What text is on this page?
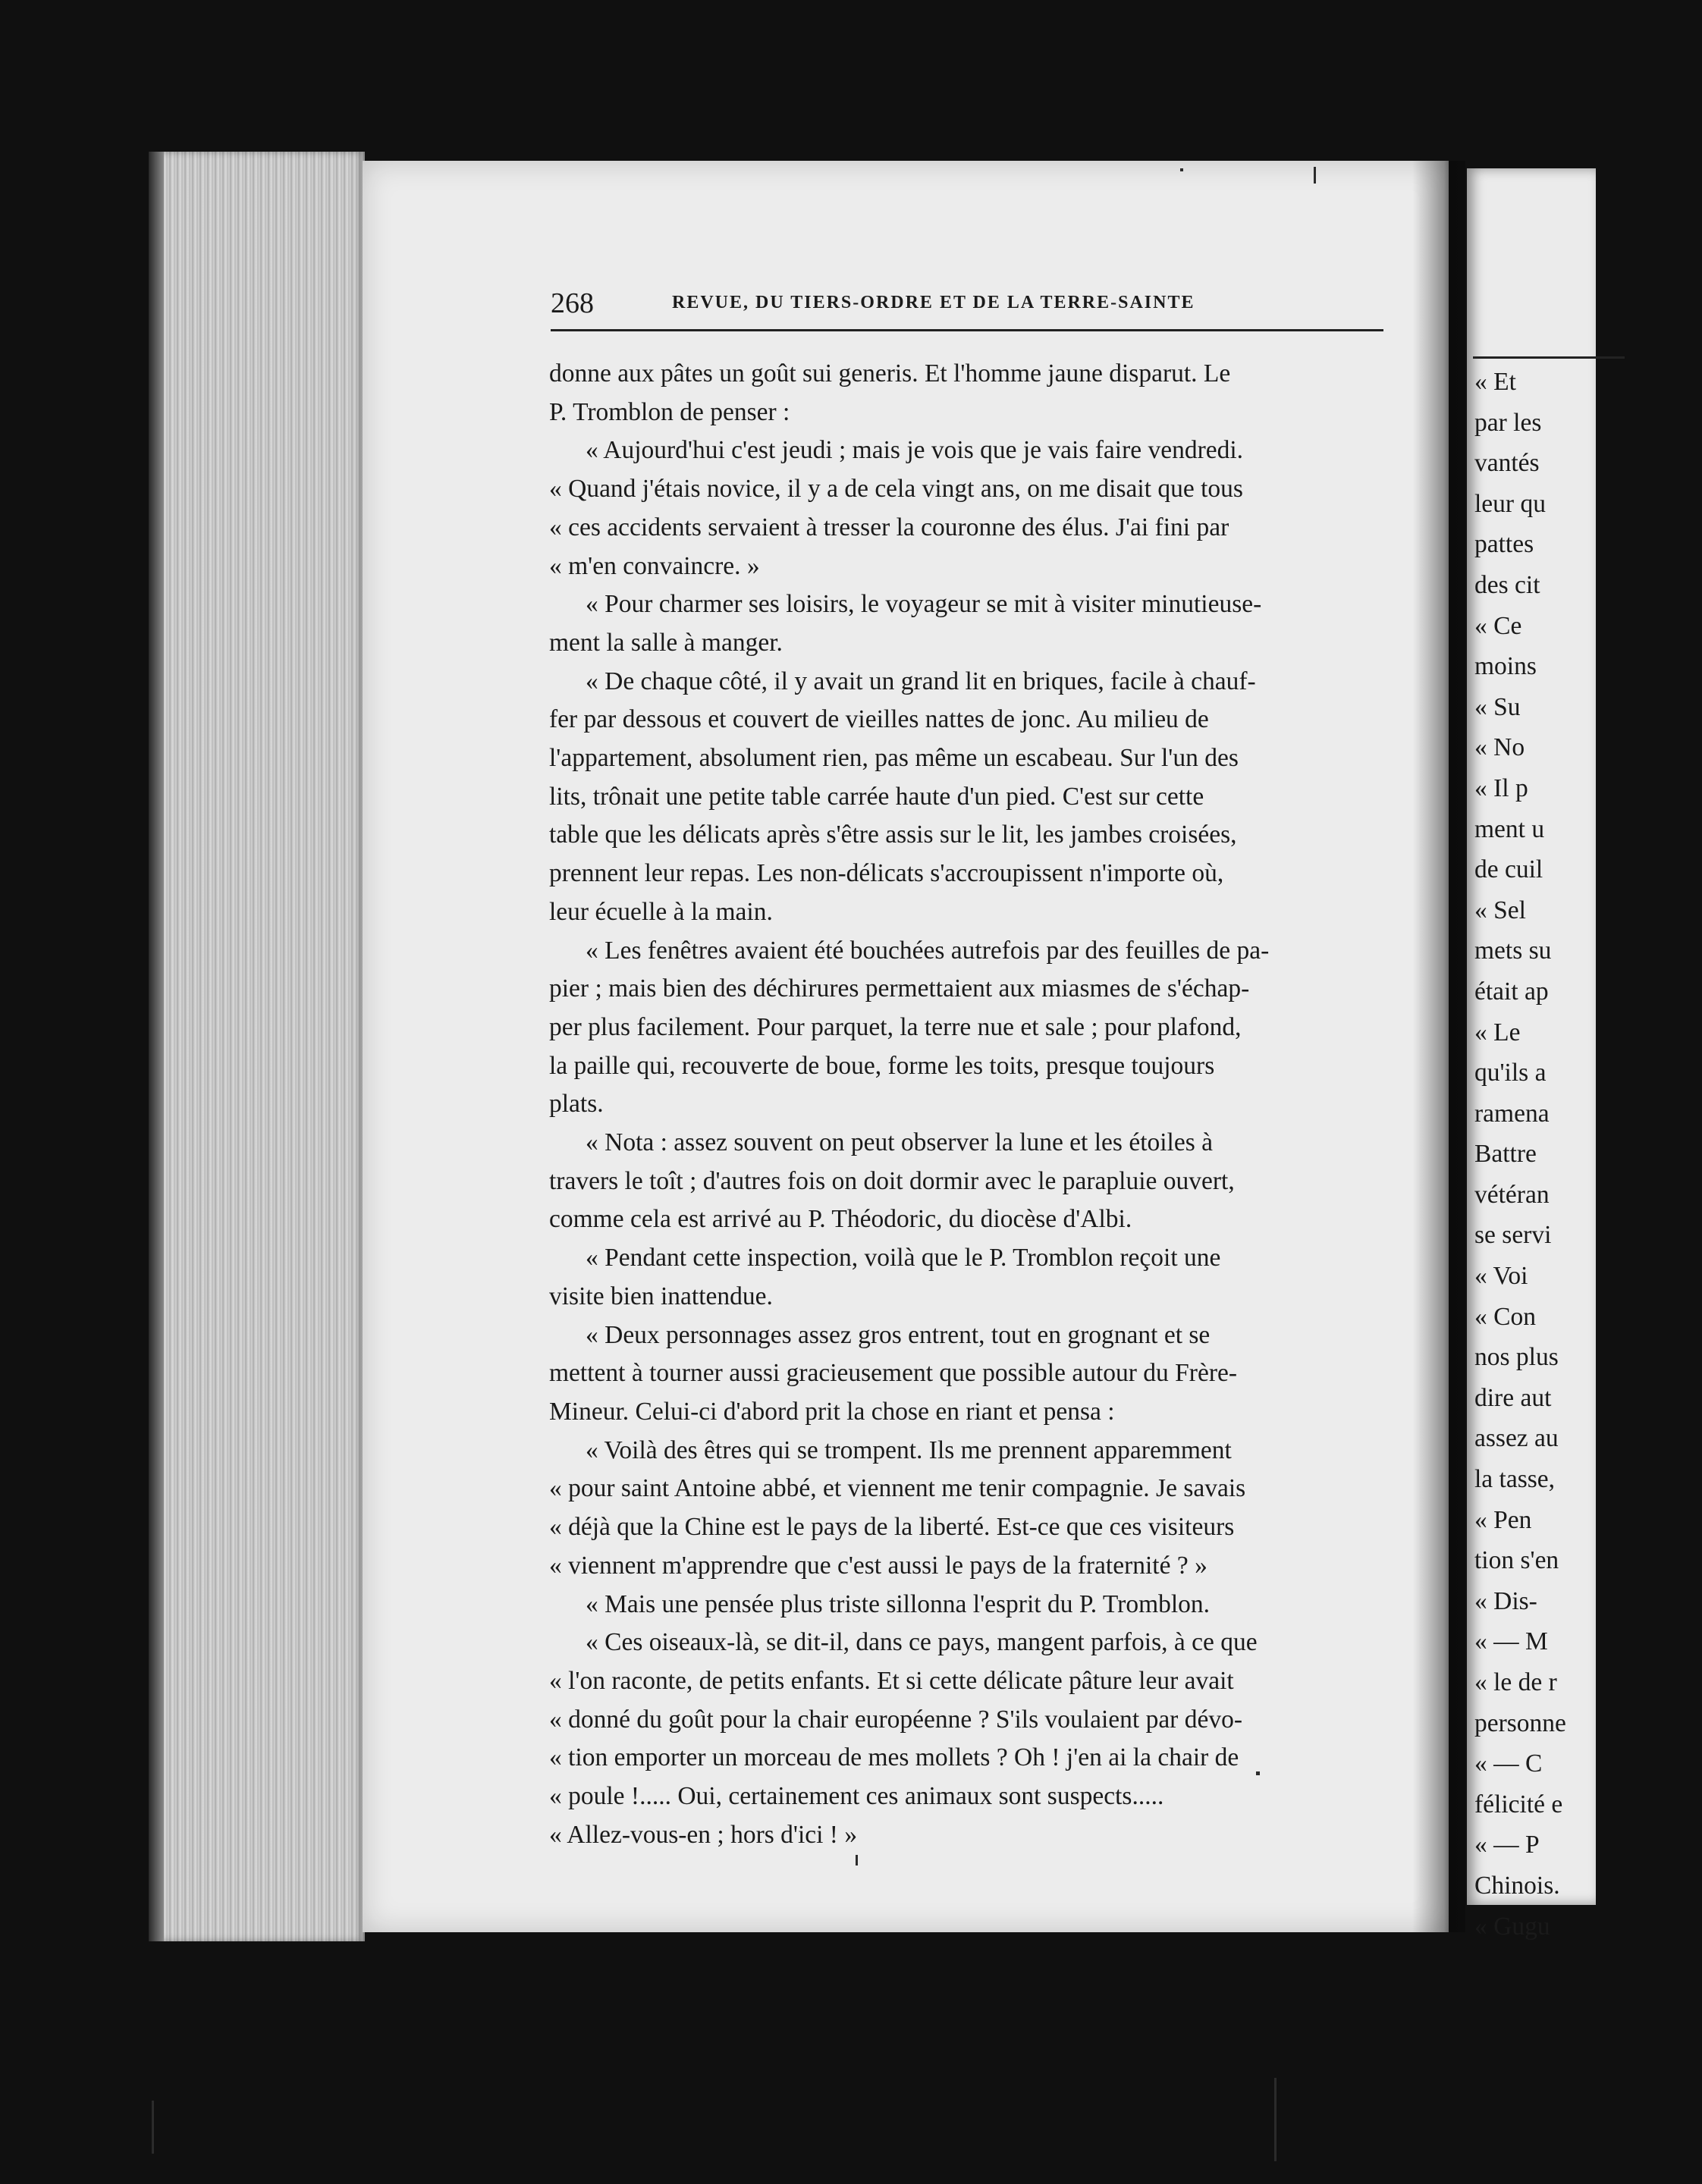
« Et
par les
vantés
leur qu
pattes
des cit
« Ce
moins
« Su
« No
« Il p
ment u
de cuil
« Sel
mets su
était ap
« Le
qu'ils a
ramena
Battre
vétéran
se servi
« Voi
« Con
nos plus
dire aut
assez au
la tasse,
« Pen
tion s'en
« Dis-
« — M
« le de r
personne
« — C
félicité e
« — P
Chinois.
« Gugu
268	REVUE, DU TIERS-ORDRE ET DE LA TERRE-SAINTE

donne aux pâtes un goût sui generis. Et l'homme jaune disparut. Le

P. Tromblon de penser :

« Aujourd'hui c'est jeudi ; mais je vois que je vais faire vendredi.

« Quand j'étais novice, il y a de cela vingt ans, on me disait que tous

« ces accidents servaient à tresser la couronne des élus. J'ai fini par

« m'en convaincre. »

« Pour charmer ses loisirs, le voyageur se mit à visiter minutieuse-

ment la salle à manger.

« De chaque côté, il y avait un grand lit en briques, facile à chauf-

fer par dessous et couvert de vieilles nattes de jonc. Au milieu de

l'appartement, absolument rien, pas même un escabeau. Sur l'un des

lits, trônait une petite table carrée haute d'un pied. C'est sur cette

table que les délicats après s'être assis sur le lit, les jambes croisées,

prennent leur repas. Les non-délicats s'accroupissent n'importe où,

leur écuelle à la main.

« Les fenêtres avaient été bouchées autrefois par des feuilles de pa-

pier ; mais bien des déchirures permettaient aux miasmes de s'échap-

per plus facilement. Pour parquet, la terre nue et sale ; pour plafond,

la paille qui, recouverte de boue, forme les toits, presque toujours

plats.

« Nota : assez souvent on peut observer la lune et les étoiles à

travers le toît ; d'autres fois on doit dormir avec le parapluie ouvert,

comme cela est arrivé au P. Théodoric, du diocèse d'Albi.

« Pendant cette inspection, voilà que le P. Tromblon reçoit une

visite bien inattendue.

« Deux personnages assez gros entrent, tout en grognant et se

mettent à tourner aussi gracieusement que possible autour du Frère-

Mineur. Celui-ci d'abord prit la chose en riant et pensa :

« Voilà des êtres qui se trompent. Ils me prennent apparemment

« pour saint Antoine abbé, et viennent me tenir compagnie. Je savais

« déjà que la Chine est le pays de la liberté. Est-ce que ces visiteurs

« viennent m'apprendre que c'est aussi le pays de la fraternité ? »

« Mais une pensée plus triste sillonna l'esprit du P. Tromblon.

« Ces oiseaux-là, se dit-il, dans ce pays, mangent parfois, à ce que

« l'on raconte, de petits enfants. Et si cette délicate pâture leur avait

« donné du goût pour la chair européenne ? S'ils voulaient par dévo-

« tion emporter un morceau de mes mollets ? Oh ! j'en ai la chair de

« poule !..... Oui, certainement ces animaux sont suspects.....

« Allez-vous-en ; hors d'ici ! »
